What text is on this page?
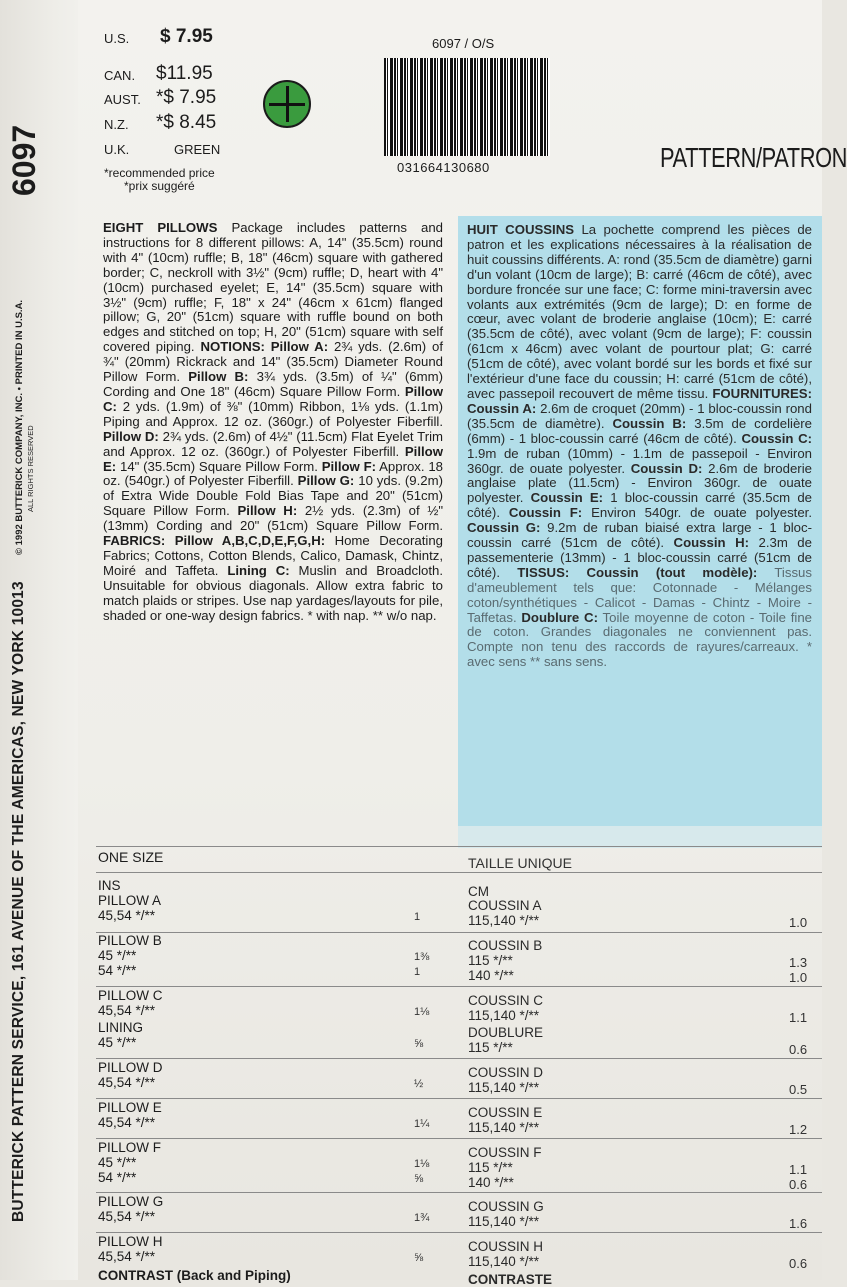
6097
BUTTERICK PATTERN SERVICE, 161 AVENUE OF THE AMERICAS, NEW YORK 10013
© 1992 BUTTERICK COMPANY, INC. • PRINTED IN U.S.A. ALL RIGHTS RESERVED
U.S. $ 7.95
CAN. $11.95
AUST. *$ 7.95
N.Z. *$ 8.45
U.K.	GREEN
*recommended price
*prix suggéré
6097 / O/S
031664130680	PATTERN/PATRON
EIGHT PILLOWS Package includes patterns and instructions for 8 different pillows: A, 14" (35.5cm) round with 4" (10cm) ruffle; B, 18" (46cm) square with gathered border; C, neckroll with 3½" (9cm) ruffle; D, heart with 4" (10cm) purchased eyelet; E, 14" (35.5cm) square with 3½" (9cm) ruffle; F, 18" x 24" (46cm x 61cm) flanged pillow; G, 20" (51cm) square with ruffle bound on both edges and stitched on top; H, 20" (51cm) square with self covered piping. NOTIONS: Pillow A: 2¾ yds. (2.6m) of ¾" (20mm) Rickrack and 14" (35.5cm) Diameter Round Pillow Form. Pillow B: 3¾ yds. (3.5m) of ¼" (6mm) Cording and One 18" (46cm) Square Pillow Form. Pillow C: 2 yds. (1.9m) of ⅜" (10mm) Ribbon, 1⅛ yds. (1.1m) Piping and Approx. 12 oz. (360gr.) of Polyester Fiberfill. Pillow D: 2¾ yds. (2.6m) of 4½" (11.5cm) Flat Eyelet Trim and Approx. 12 oz. (360gr.) of Polyester Fiberfill. Pillow E: 14" (35.5cm) Square Pillow Form. Pillow F: Approx. 18 oz. (540gr.) of Polyester Fiberfill. Pillow G: 10 yds. (9.2m) of Extra Wide Double Fold Bias Tape and 20" (51cm) Square Pillow Form. Pillow H: 2½ yds. (2.3m) of ½" (13mm) Cording and 20" (51cm) Square Pillow Form. FABRICS: Pillow A,B,C,D,E,F,G,H: Home Decorating Fabrics; Cottons, Cotton Blends, Calico, Damask, Chintz, Moiré and Taffeta. Lining C: Muslin and Broadcloth. Unsuitable for obvious diagonals. Allow extra fabric to match plaids or stripes. Use nap yardages/layouts for pile, shaded or one-way design fabrics. * with nap. ** w/o nap.
HUIT COUSSINS La pochette comprend les pièces de patron et les explications nécessaires à la réalisation de huit coussins différents. A: rond (35.5cm de diamètre) garni d'un volant (10cm de large); B: carré (46cm de côté), avec bordure froncée sur une face; C: forme mini-traversin avec volants aux extrémités (9cm de large); D: en forme de cœur, avec volant de broderie anglaise (10cm); E: carré (35.5cm de côté), avec volant (9cm de large); F: coussin (61cm x 46cm) avec volant de pourtour plat; G: carré (51cm de côté), avec volant bordé sur les bords et fixé sur l'extérieur d'une face du coussin; H: carré (51cm de côté), avec passepoil recouvert de même tissu. FOURNITURES: Coussin A: 2.6m de croquet (20mm) - 1 bloc-coussin rond (35.5cm de diamètre). Coussin B: 3.5m de cordelière (6mm) - 1 bloc-coussin carré (46cm de côté). Coussin C: 1.9m de ruban (10mm) - 1.1m de passepoil - Environ 360gr. de ouate polyester. Coussin D: 2.6m de broderie anglaise plate (11.5cm) - Environ 360gr. de ouate polyester. Coussin E: 1 bloc-coussin carré (35.5cm de côté). Coussin F: Environ 540gr. de ouate polyester. Coussin G: 9.2m de ruban biaisé extra large - 1 bloc-coussin carré (51cm de côté). Coussin H: 2.3m de passementerie (13mm) - 1 bloc-coussin carré (51cm de côté). TISSUS: Coussin (tout modèle): Tissus d'ameublement tels que: Cotonnade - Mélanges coton/synthétiques - Calicot - Damas - Chintz - Moire - Taffetas. Doublure C: Toile moyenne de coton - Toile fine de coton. Grandes diagonales ne conviennent pas. Compte non tenu des raccords de rayures/carreaux. * avec sens ** sans sens.
ONE SIZE	TAILLE UNIQUE
INS	CM
PILLOW A	COUSSIN A
45,54 */**	1	115,140 */**	1.0
PILLOW B	COUSSIN B
45 */**	1⅜	115 */**	1.3
54 */**	1	140 */**	1.0
PILLOW C	COUSSIN C
45,54 */**	1⅛	115,140 */**	1.1
LINING	DOUBLURE
45 */**	⅝	115 */**	0.6
PILLOW D	COUSSIN D
45,54 */**	½	115,140 */**	0.5
PILLOW E	COUSSIN E
45,54 */**	1¼	115,140 */**	1.2
PILLOW F	COUSSIN F
45 */**	1⅛	115 */**	1.1
54 */**	⅝	140 */**	0.6
PILLOW G	COUSSIN G
45,54 */**	1¾	115,140 */**	1.6
PILLOW H	COUSSIN H
45,54 */**	⅝	115,140 */**	0.6
CONTRAST (Back and Piping)	CONTRASTE
